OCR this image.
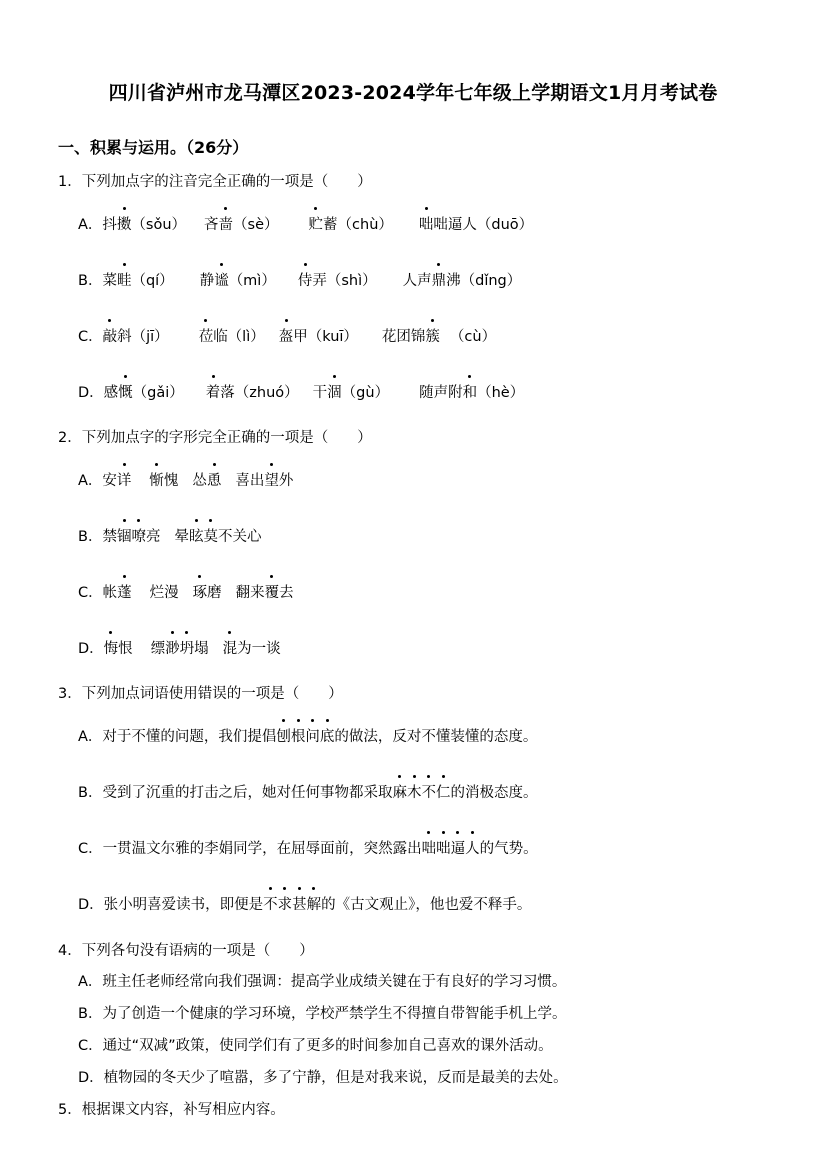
四川省泸州市龙马潭区2023-2024学年七年级上学期语文1月月考试卷
一、积累与运用。（26分）
1．下列加点字的注音完全正确的一项是（　　）
A．抖擞（sǒu） 吝啬（sè） 贮蓄（chù） 咄咄逼人（duō）
B．菜畦（qí） 静谧（mì） 侍弄（shì） 人声鼎沸（dǐng）
C．敲斜（jī） 莅临（lì） 盔甲（kuī） 花团锦簇 （cù）
D．感慨（gǎi） 着落（zhuó） 干涸（gù） 随声附和（hè）
2．下列加点字的字形完全正确的一项是（　　）
A．安详 惭愧 怂恿 喜出望外
B．禁锢嘹亮 晕眩莫不关心
C．帐蓬 烂漫 琢磨 翻来覆去
D．悔恨 缥渺坍塌 混为一谈
3．下列加点词语使用错误的一项是（　　）
A．对于不懂的问题，我们提倡刨根问底的做法，反对不懂装懂的态度。
B．受到了沉重的打击之后，她对任何事物都采取麻木不仁的消极态度。
C．一贯温文尔雅的李娟同学，在屈辱面前，突然露出咄咄逼人的气势。
D．张小明喜爱读书，即便是不求甚解的《古文观止》，他也爱不释手。
4．下列各句没有语病的一项是（　　）
A．班主任老师经常向我们强调：提高学业成绩关键在于有良好的学习习惯。
B．为了创造一个健康的学习环境，学校严禁学生不得擅自带智能手机上学。
C．通过“双减”政策，使同学们有了更多的时间参加自己喜欢的课外活动。
D．植物园的冬天少了喧嚣，多了宁静，但是对我来说，反而是最美的去处。
5．根据课文内容，补写相应内容。
